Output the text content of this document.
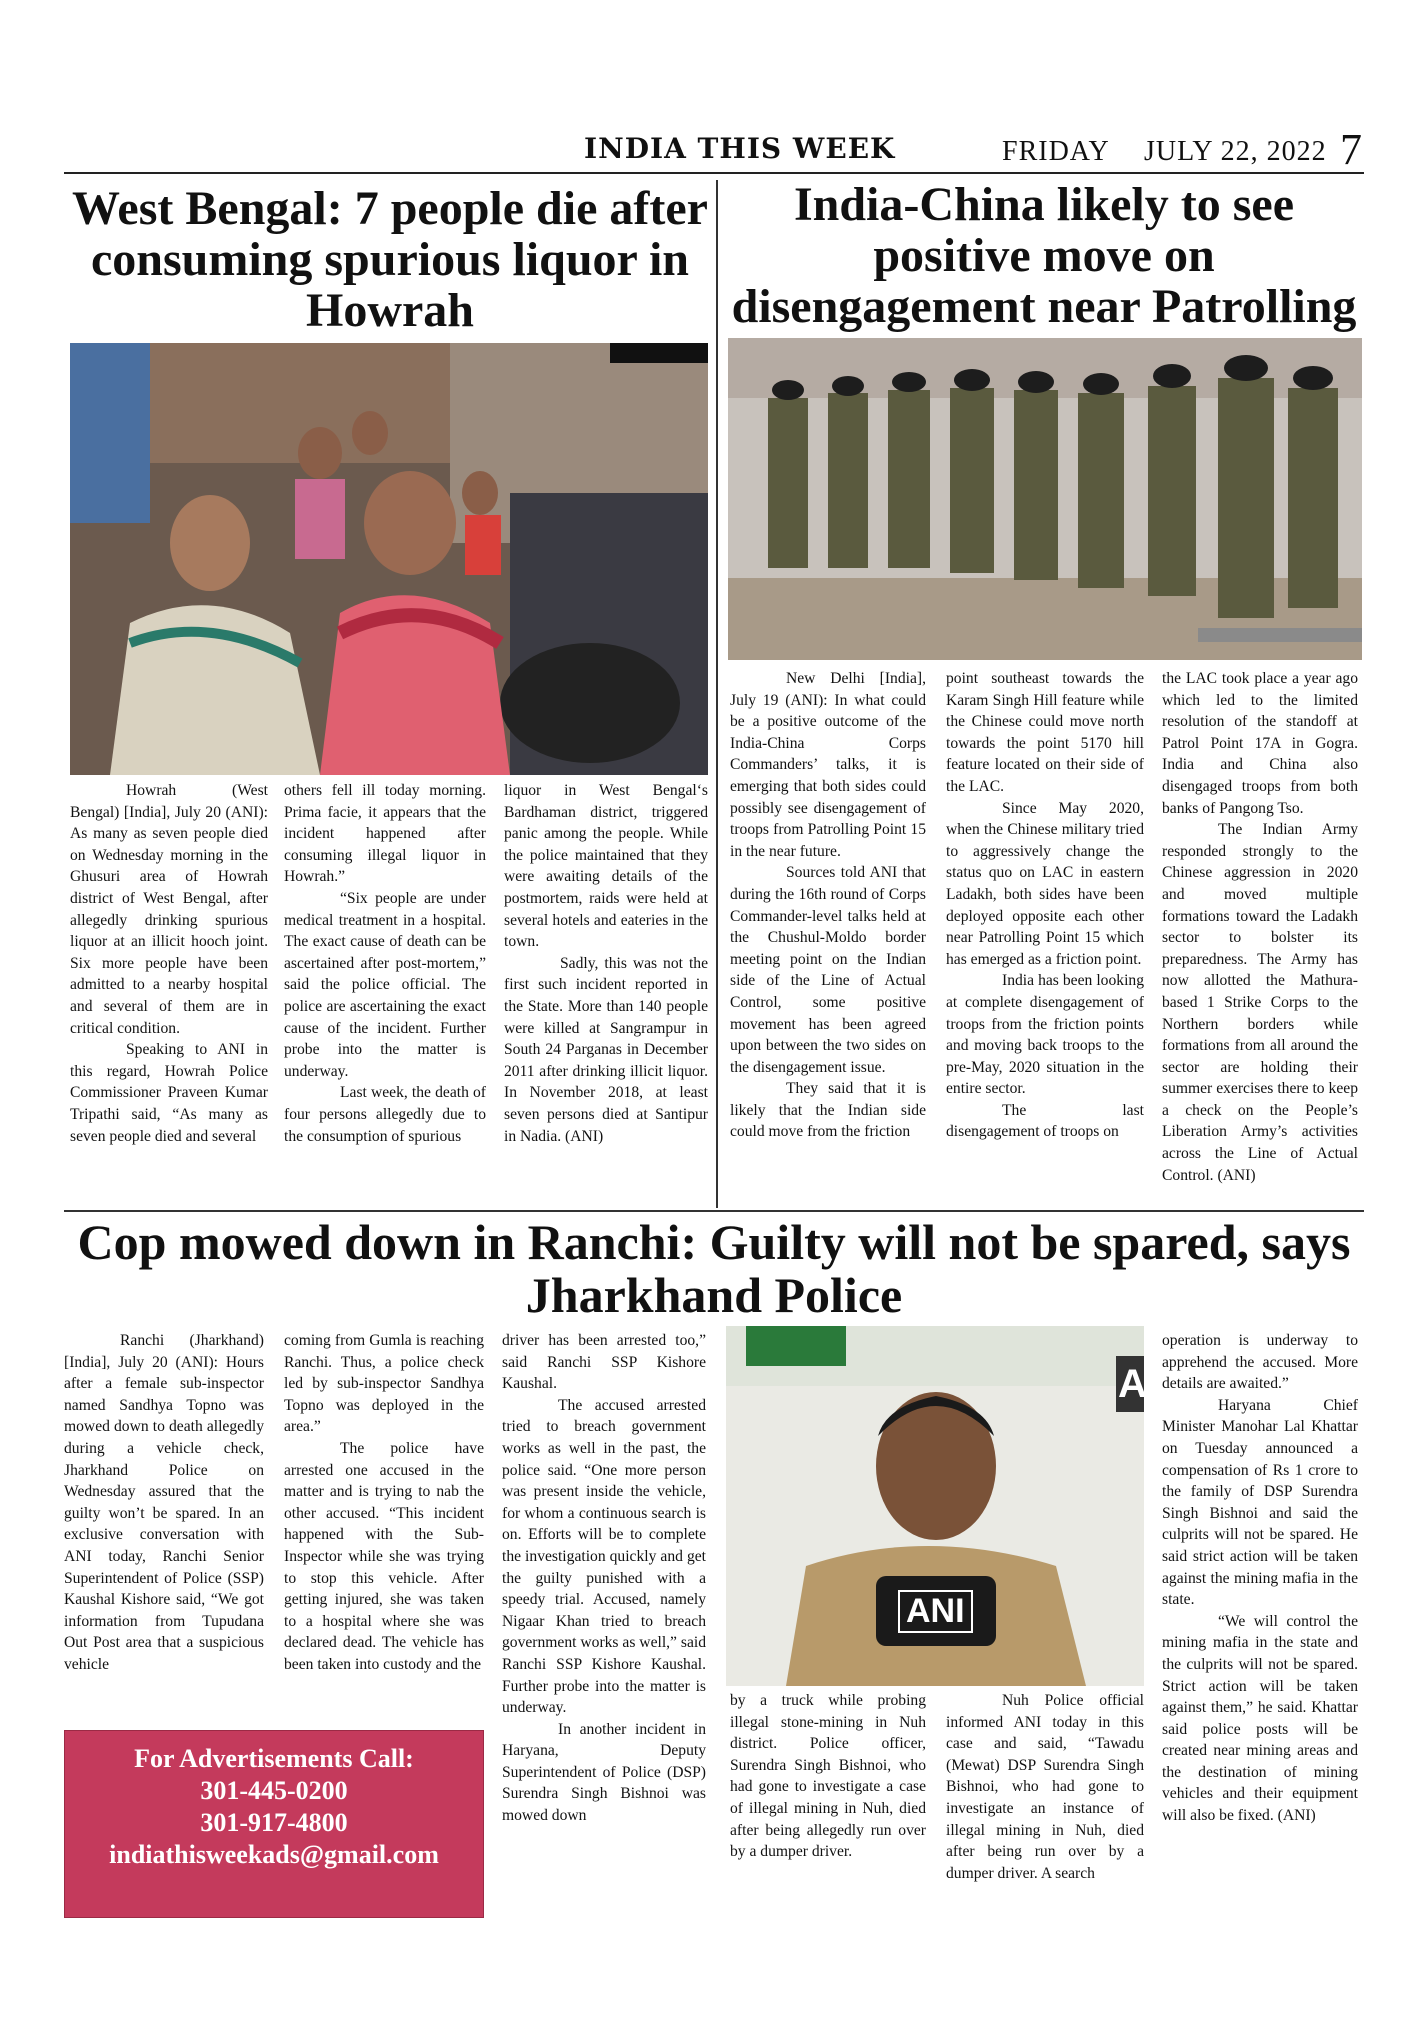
INDIA THIS WEEK	FRIDAY JULY 22, 2022 7
West Bengal: 7 people die after consuming spurious liquor in Howrah

Howrah (West Bengal) [India], July 20 (ANI): As many as seven people died on Wednesday morning in the Ghusuri area of Howrah district of West Bengal, after allegedly drinking spurious liquor at an illicit hooch joint. Six more people have been admitted to a nearby hospital and several of them are in critical condition.

Speaking to ANI in this regard, Howrah Police Commissioner Praveen Kumar Tripathi said, “As many as seven people died and several

others fell ill today morning. Prima facie, it appears that the incident happened after consuming illegal liquor in Howrah.”

“Six people are under medical treatment in a hospital. The exact cause of death can be ascertained after post-mortem,” said the police official. The police are ascertaining the exact cause of the incident. Further probe into the matter is underway.

Last week, the death of four persons allegedly due to the consumption of spurious

liquor in West Bengal‘s Bardhaman district, triggered panic among the people. While the police maintained that they were awaiting details of the postmortem, raids were held at several hotels and eateries in the town.

Sadly, this was not the first such incident reported in the State. More than 140 people were killed at Sangrampur in South 24 Parganas in December 2011 after drinking illicit liquor. In November 2018, at least seven persons died at Santipur in Nadia. (ANI)

India-China likely to see positive move on disengagement near Patrolling

New Delhi [India], July 19 (ANI): In what could be a positive outcome of the India-China Corps Commanders’ talks, it is emerging that both sides could possibly see disengagement of troops from Patrolling Point 15 in the near future.

Sources told ANI that during the 16th round of Corps Commander-level talks held at the Chushul-Moldo border meeting point on the Indian side of the Line of Actual Control, some positive movement has been agreed upon between the two sides on the disengagement issue.

They said that it is likely that the Indian side could move from the friction

point southeast towards the Karam Singh Hill feature while the Chinese could move north towards the point 5170 hill feature located on their side of the LAC.

Since May 2020, when the Chinese military tried to aggressively change the status quo on LAC in eastern Ladakh, both sides have been deployed opposite each other near Patrolling Point 15 which has emerged as a friction point.

India has been looking at complete disengagement of troops from the friction points and moving back troops to the pre-May, 2020 situation in the entire sector.

The last disengagement of troops on

the LAC took place a year ago which led to the limited resolution of the standoff at Patrol Point 17A in Gogra. India and China also disengaged troops from both banks of Pangong Tso.

The Indian Army responded strongly to the Chinese aggression in 2020 and moved multiple formations toward the Ladakh sector to bolster its preparedness. The Army has now allotted the Mathura-based 1 Strike Corps to the Northern borders while formations from all around the sector are holding their summer exercises there to keep a check on the People’s Liberation Army’s activities across the Line of Actual Control. (ANI)

Cop mowed down in Ranchi: Guilty will not be spared, says Jharkhand Police

Ranchi (Jharkhand) [India], July 20 (ANI): Hours after a female sub-inspector named Sandhya Topno was mowed down to death allegedly during a vehicle check, Jharkhand Police on Wednesday assured that the guilty won’t be spared. In an exclusive conversation with ANI today, Ranchi Senior Superintendent of Police (SSP) Kaushal Kishore said, “We got information from Tupudana Out Post area that a suspicious vehicle

coming from Gumla is reaching Ranchi. Thus, a police check led by sub-inspector Sandhya Topno was deployed in the area.”

The police have arrested one accused in the matter and is trying to nab the other accused. “This incident happened with the Sub-Inspector while she was trying to stop this vehicle. After getting injured, she was taken to a hospital where she was declared dead. The vehicle has been taken into custody and the

driver has been arrested too,” said Ranchi SSP Kishore Kaushal.

The accused arrested tried to breach government works as well in the past, the police said. “One more person was present inside the vehicle, for whom a continuous search is on. Efforts will be to complete the investigation quickly and get the guilty punished with a speedy trial. Accused, namely Nigaar Khan tried to breach government works as well,” said Ranchi SSP Kishore Kaushal. Further probe into the matter is underway.

In another incident in Haryana, Deputy Superintendent of Police (DSP) Surendra Singh Bishnoi was mowed down

A
ANI

by a truck while probing illegal stone-mining in Nuh district. Police officer, Surendra Singh Bishnoi, who had gone to investigate a case of illegal mining in Nuh, died after being allegedly run over by a dumper driver.

Nuh Police official informed ANI today in this case and said, “Tawadu (Mewat) DSP Surendra Singh Bishnoi, who had gone to investigate an instance of illegal mining in Nuh, died after being run over by a dumper driver. A search

operation is underway to apprehend the accused. More details are awaited.”

Haryana Chief Minister Manohar Lal Khattar on Tuesday announced a compensation of Rs 1 crore to the family of DSP Surendra Singh Bishnoi and said the culprits will not be spared. He said strict action will be taken against the mining mafia in the state.

“We will control the mining mafia in the state and the culprits will not be spared. Strict action will be taken against them,” he said. Khattar said police posts will be created near mining areas and the destination of mining vehicles and their equipment will also be fixed. (ANI)

For Advertisements Call:
301-445-0200
301-917-4800
indiathisweekads@gmail.com
